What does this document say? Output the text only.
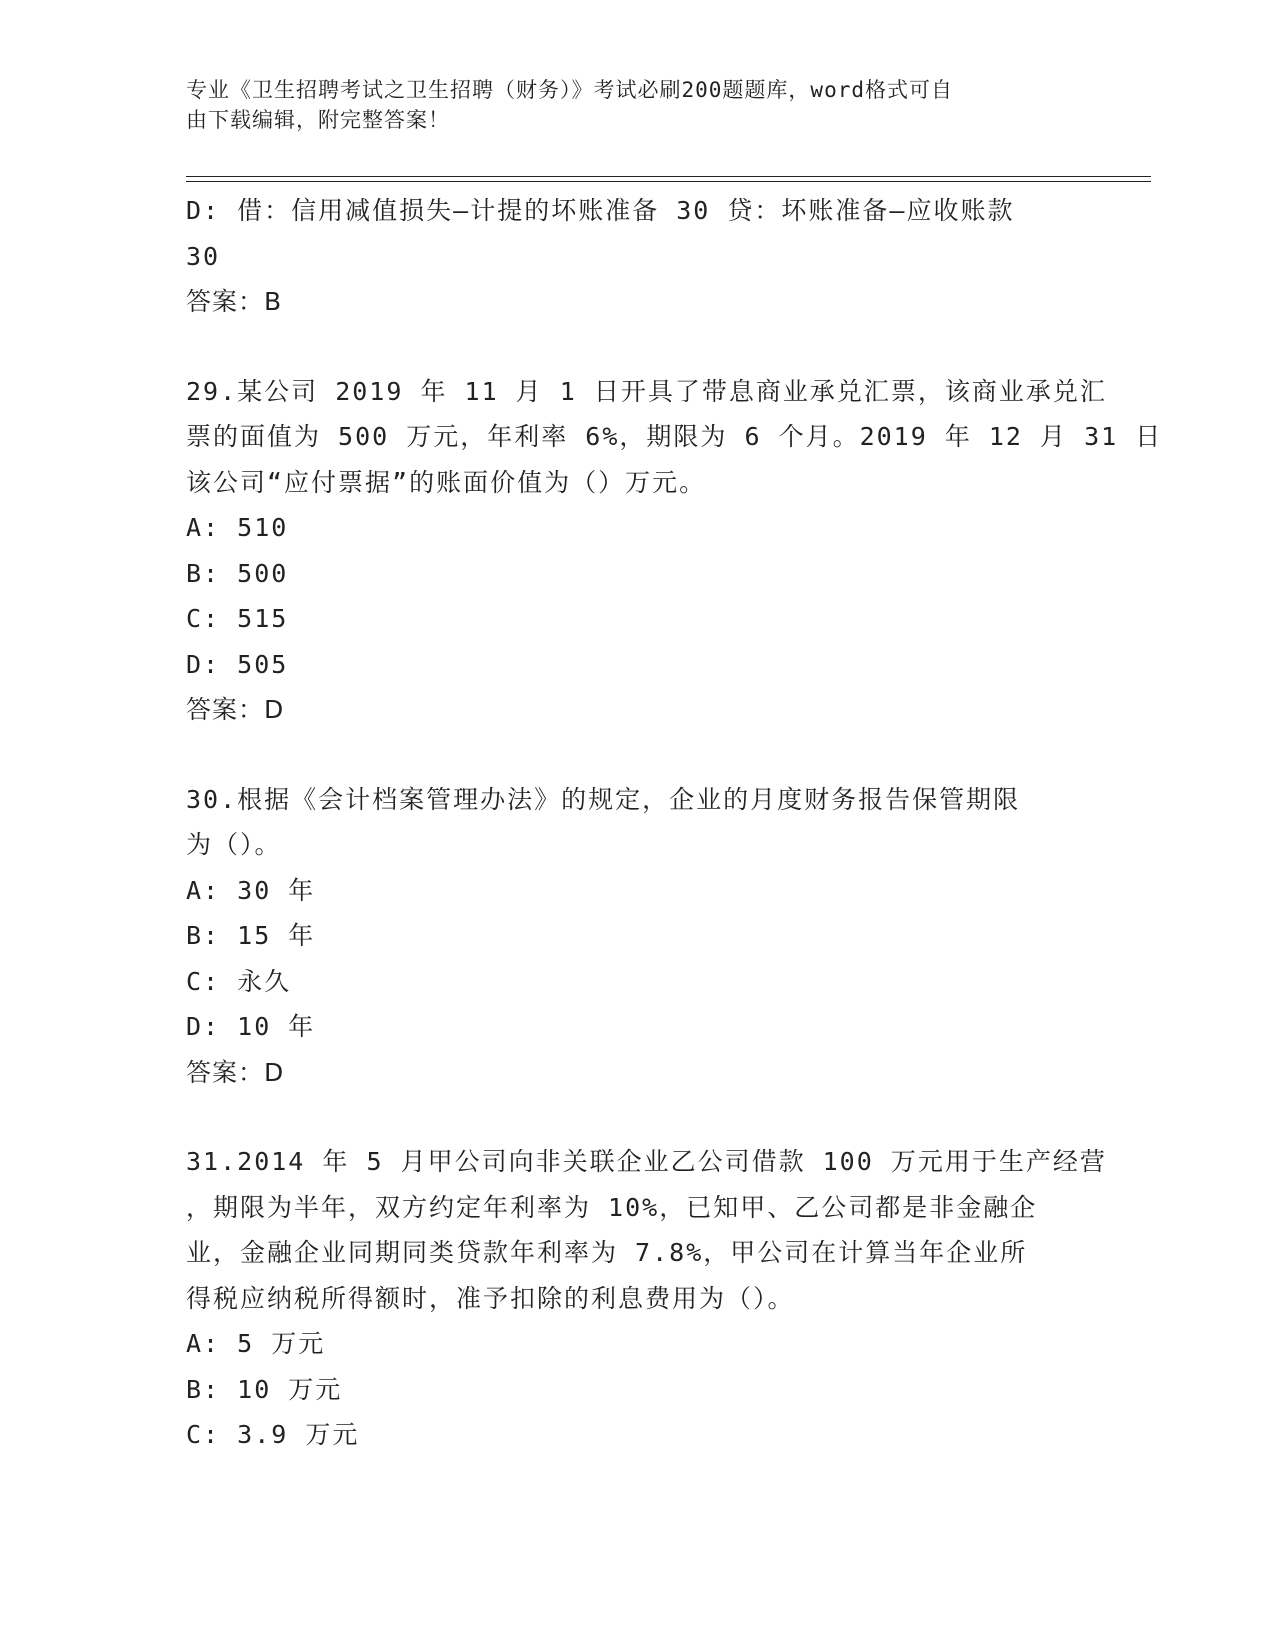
专业《卫生招聘考试之卫生招聘（财务）》考试必刷200题题库，word格式可自
由下载编辑，附完整答案！
D: 借：信用减值损失—计提的坏账准备 30 贷：坏账准备—应收账款
30
答案：B
29.某公司 2019 年 11 月 1 日开具了带息商业承兑汇票，该商业承兑汇
票的面值为 500 万元，年利率 6%，期限为 6 个月。2019 年 12 月 31 日
该公司“应付票据”的账面价值为（）万元。
A: 510
B: 500
C: 515
D: 505
答案：D
30.根据《会计档案管理办法》的规定，企业的月度财务报告保管期限
为（）。
A: 30 年
B: 15 年
C: 永久
D: 10 年
答案：D
31.2014 年 5 月甲公司向非关联企业乙公司借款 100 万元用于生产经营
，期限为半年，双方约定年利率为 10%，已知甲、乙公司都是非金融企
业，金融企业同期同类贷款年利率为 7.8%，甲公司在计算当年企业所
得税应纳税所得额时，准予扣除的利息费用为（）。
A: 5 万元
B: 10 万元
C: 3.9 万元
